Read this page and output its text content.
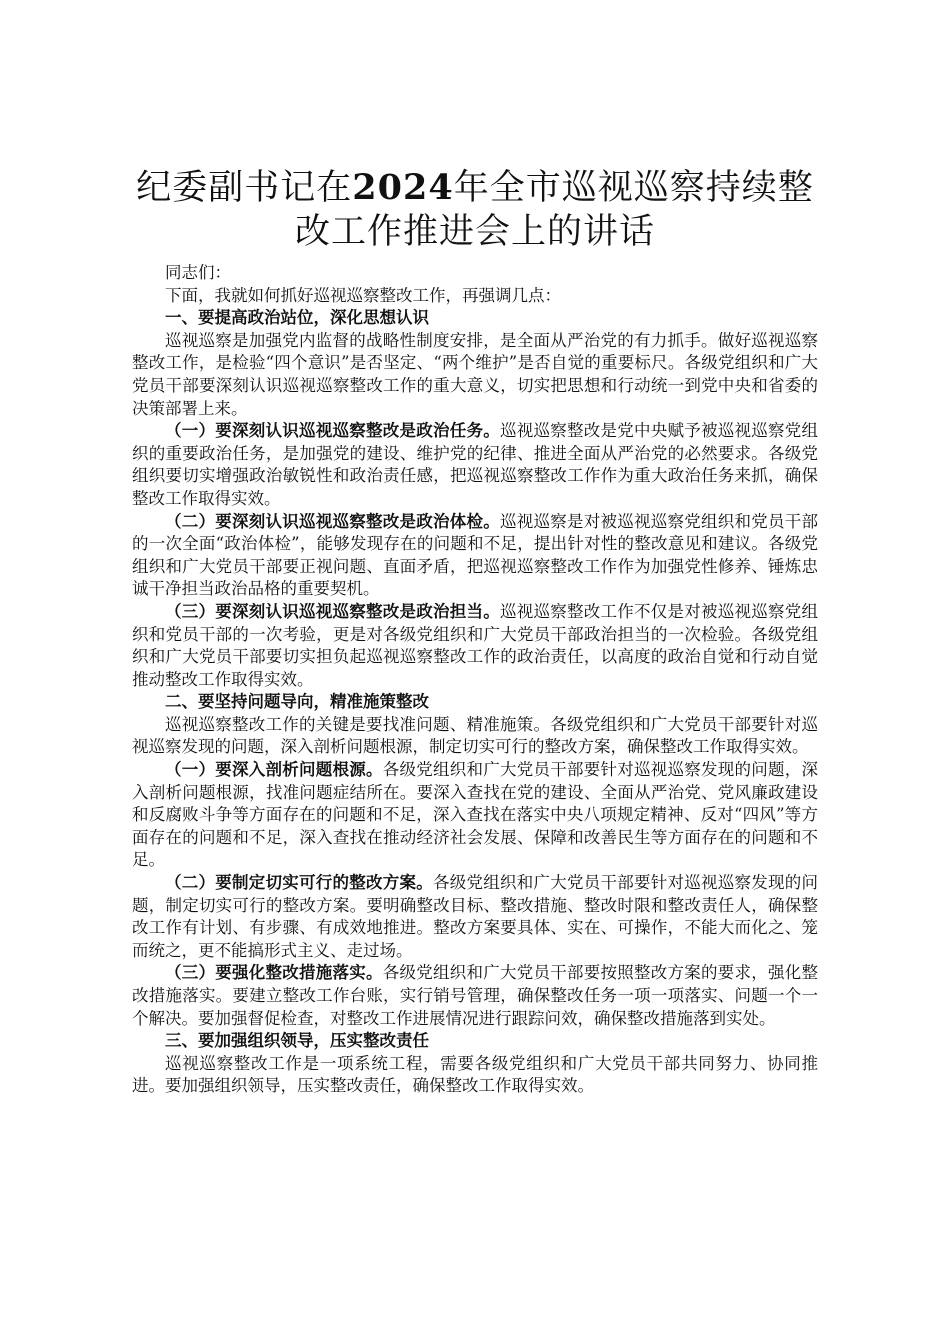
纪委副书记在2024年全市巡视巡察持续整改工作推进会上的讲话

同志们：

下面，我就如何抓好巡视巡察整改工作，再强调几点：

一、要提高政治站位，深化思想认识

巡视巡察是加强党内监督的战略性制度安排，是全面从严治党的有力抓手。做好巡视巡察整改工作，是检验“四个意识”是否坚定、“两个维护”是否自觉的重要标尺。各级党组织和广大党员干部要深刻认识巡视巡察整改工作的重大意义，切实把思想和行动统一到党中央和省委的决策部署上来。

（一）要深刻认识巡视巡察整改是政治任务。巡视巡察整改是党中央赋予被巡视巡察党组织的重要政治任务，是加强党的建设、维护党的纪律、推进全面从严治党的必然要求。各级党组织要切实增强政治敏锐性和政治责任感，把巡视巡察整改工作作为重大政治任务来抓，确保整改工作取得实效。

（二）要深刻认识巡视巡察整改是政治体检。巡视巡察是对被巡视巡察党组织和党员干部的一次全面“政治体检”，能够发现存在的问题和不足，提出针对性的整改意见和建议。各级党组织和广大党员干部要正视问题、直面矛盾，把巡视巡察整改工作作为加强党性修养、锤炼忠诚干净担当政治品格的重要契机。

（三）要深刻认识巡视巡察整改是政治担当。巡视巡察整改工作不仅是对被巡视巡察党组织和党员干部的一次考验，更是对各级党组织和广大党员干部政治担当的一次检验。各级党组织和广大党员干部要切实担负起巡视巡察整改工作的政治责任，以高度的政治自觉和行动自觉推动整改工作取得实效。

二、要坚持问题导向，精准施策整改

巡视巡察整改工作的关键是要找准问题、精准施策。各级党组织和广大党员干部要针对巡视巡察发现的问题，深入剖析问题根源，制定切实可行的整改方案，确保整改工作取得实效。

（一）要深入剖析问题根源。各级党组织和广大党员干部要针对巡视巡察发现的问题，深入剖析问题根源，找准问题症结所在。要深入查找在党的建设、全面从严治党、党风廉政建设和反腐败斗争等方面存在的问题和不足，深入查找在落实中央八项规定精神、反对“四风”等方面存在的问题和不足，深入查找在推动经济社会发展、保障和改善民生等方面存在的问题和不足。

（二）要制定切实可行的整改方案。各级党组织和广大党员干部要针对巡视巡察发现的问题，制定切实可行的整改方案。要明确整改目标、整改措施、整改时限和整改责任人，确保整改工作有计划、有步骤、有成效地推进。整改方案要具体、实在、可操作，不能大而化之、笼而统之，更不能搞形式主义、走过场。

（三）要强化整改措施落实。各级党组织和广大党员干部要按照整改方案的要求，强化整改措施落实。要建立整改工作台账，实行销号管理，确保整改任务一项一项落实、问题一个一个解决。要加强督促检查，对整改工作进展情况进行跟踪问效，确保整改措施落到实处。

三、要加强组织领导，压实整改责任

巡视巡察整改工作是一项系统工程，需要各级党组织和广大党员干部共同努力、协同推进。要加强组织领导，压实整改责任，确保整改工作取得实效。
